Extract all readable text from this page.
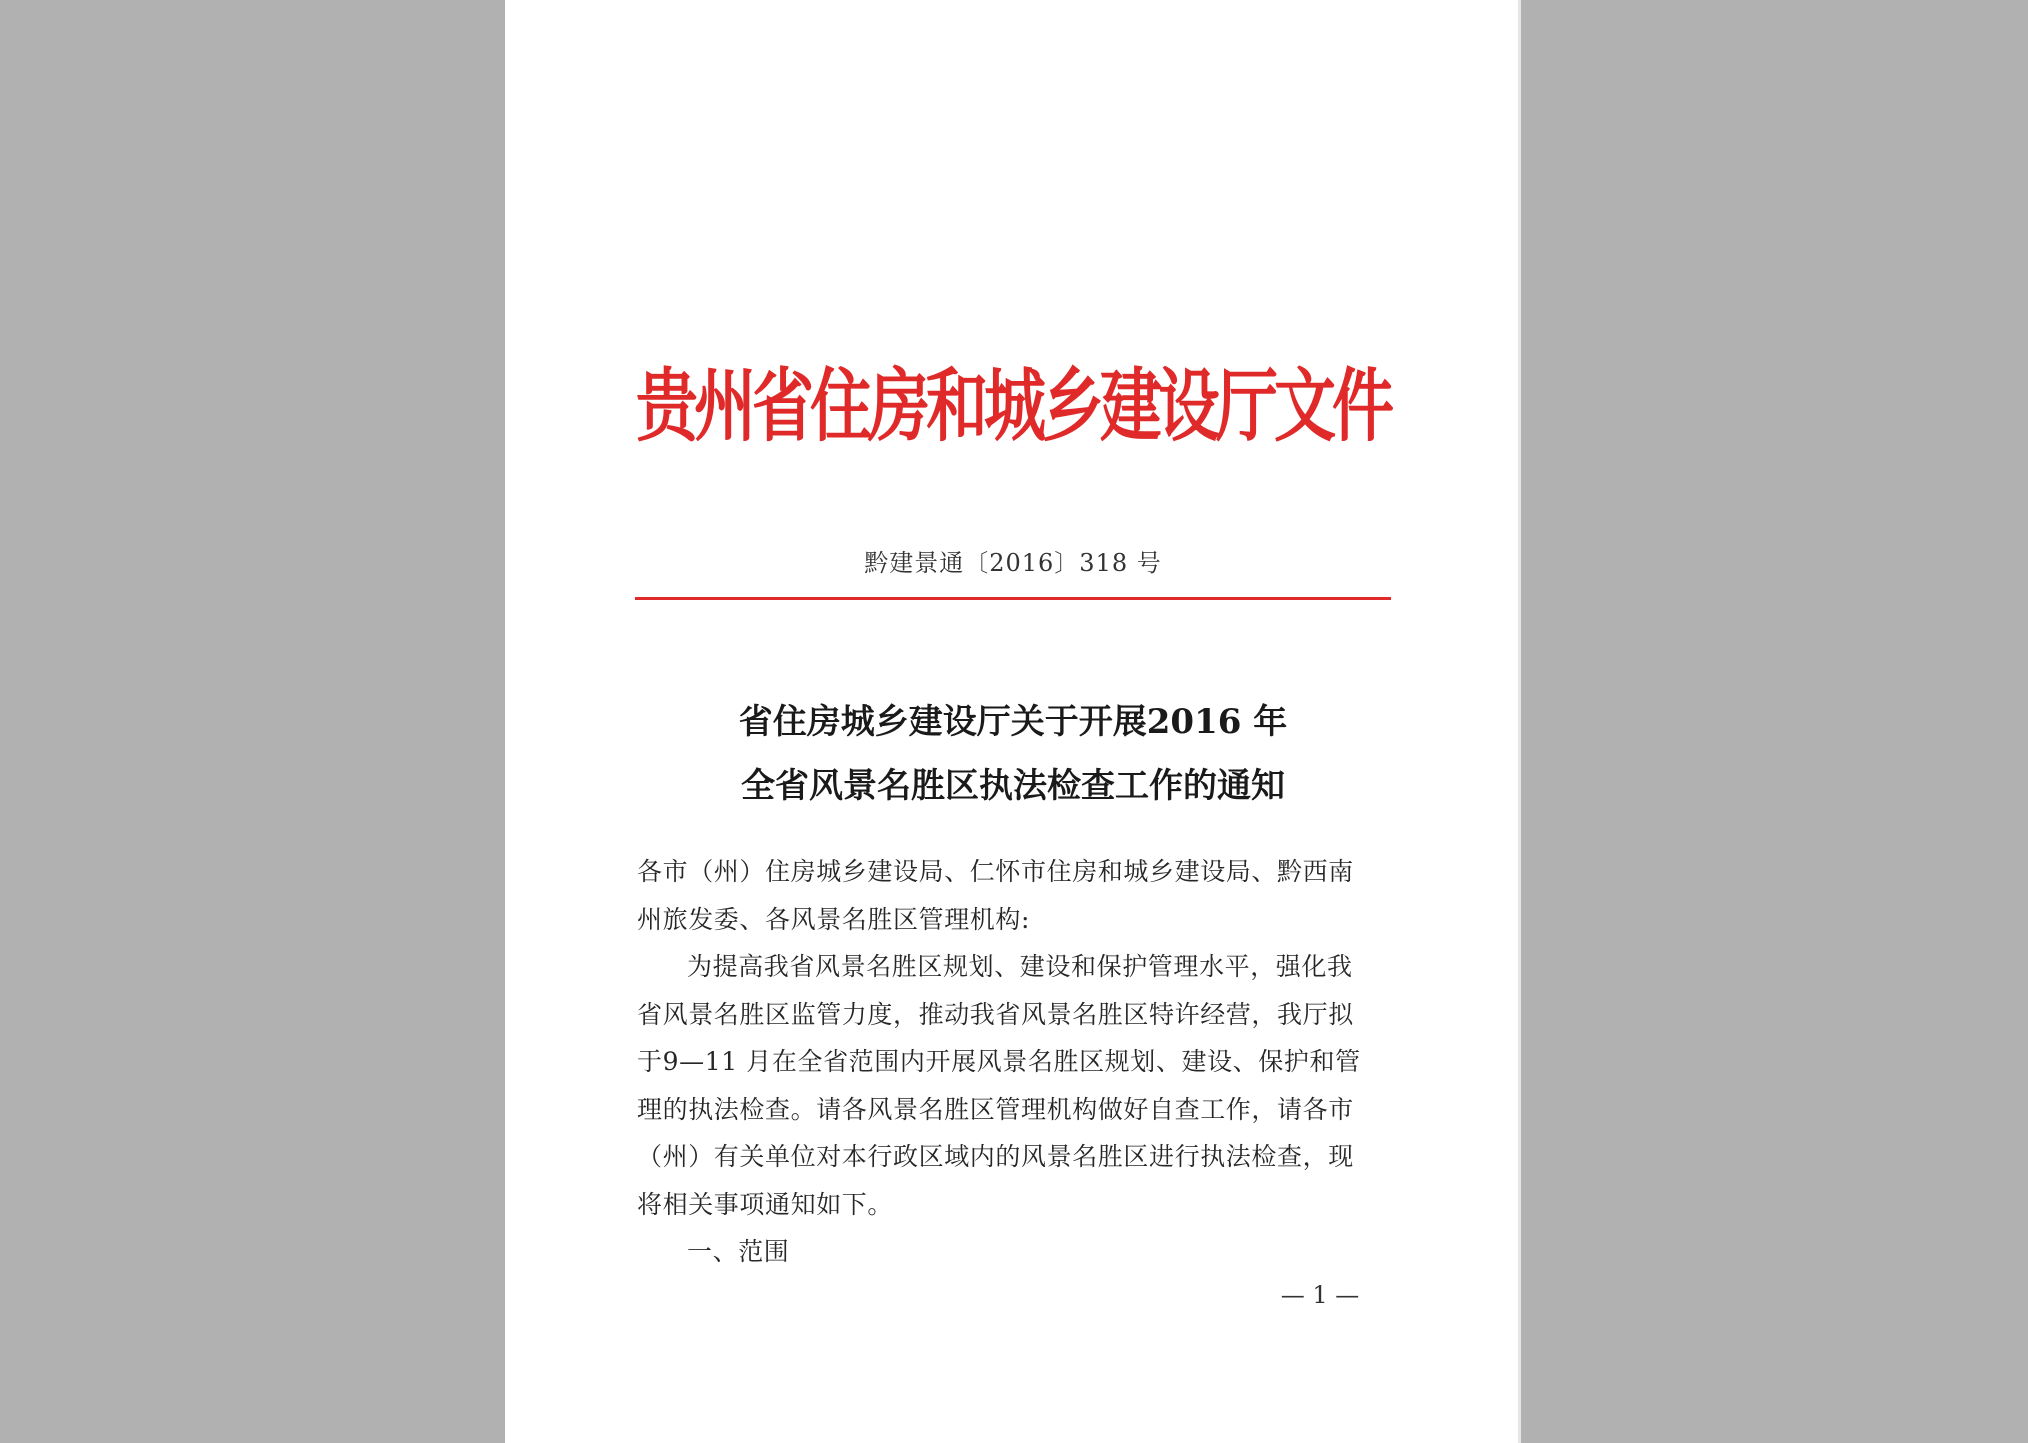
贵州省住房和城乡建设厅文件
黔建景通〔2016〕318 号
省住房城乡建设厅关于开展2016 年
全省风景名胜区执法检查工作的通知
各市（州）住房城乡建设局、仁怀市住房和城乡建设局、黔西南
州旅发委、各风景名胜区管理机构:
为提高我省风景名胜区规划、建设和保护管理水平，强化我
省风景名胜区监管力度，推动我省风景名胜区特许经营，我厅拟
于9—11 月在全省范围内开展风景名胜区规划、建设、保护和管
理的执法检查。请各风景名胜区管理机构做好自查工作，请各市
（州）有关单位对本行政区域内的风景名胜区进行执法检查，现
将相关事项通知如下。
一、范围
— 1 —
